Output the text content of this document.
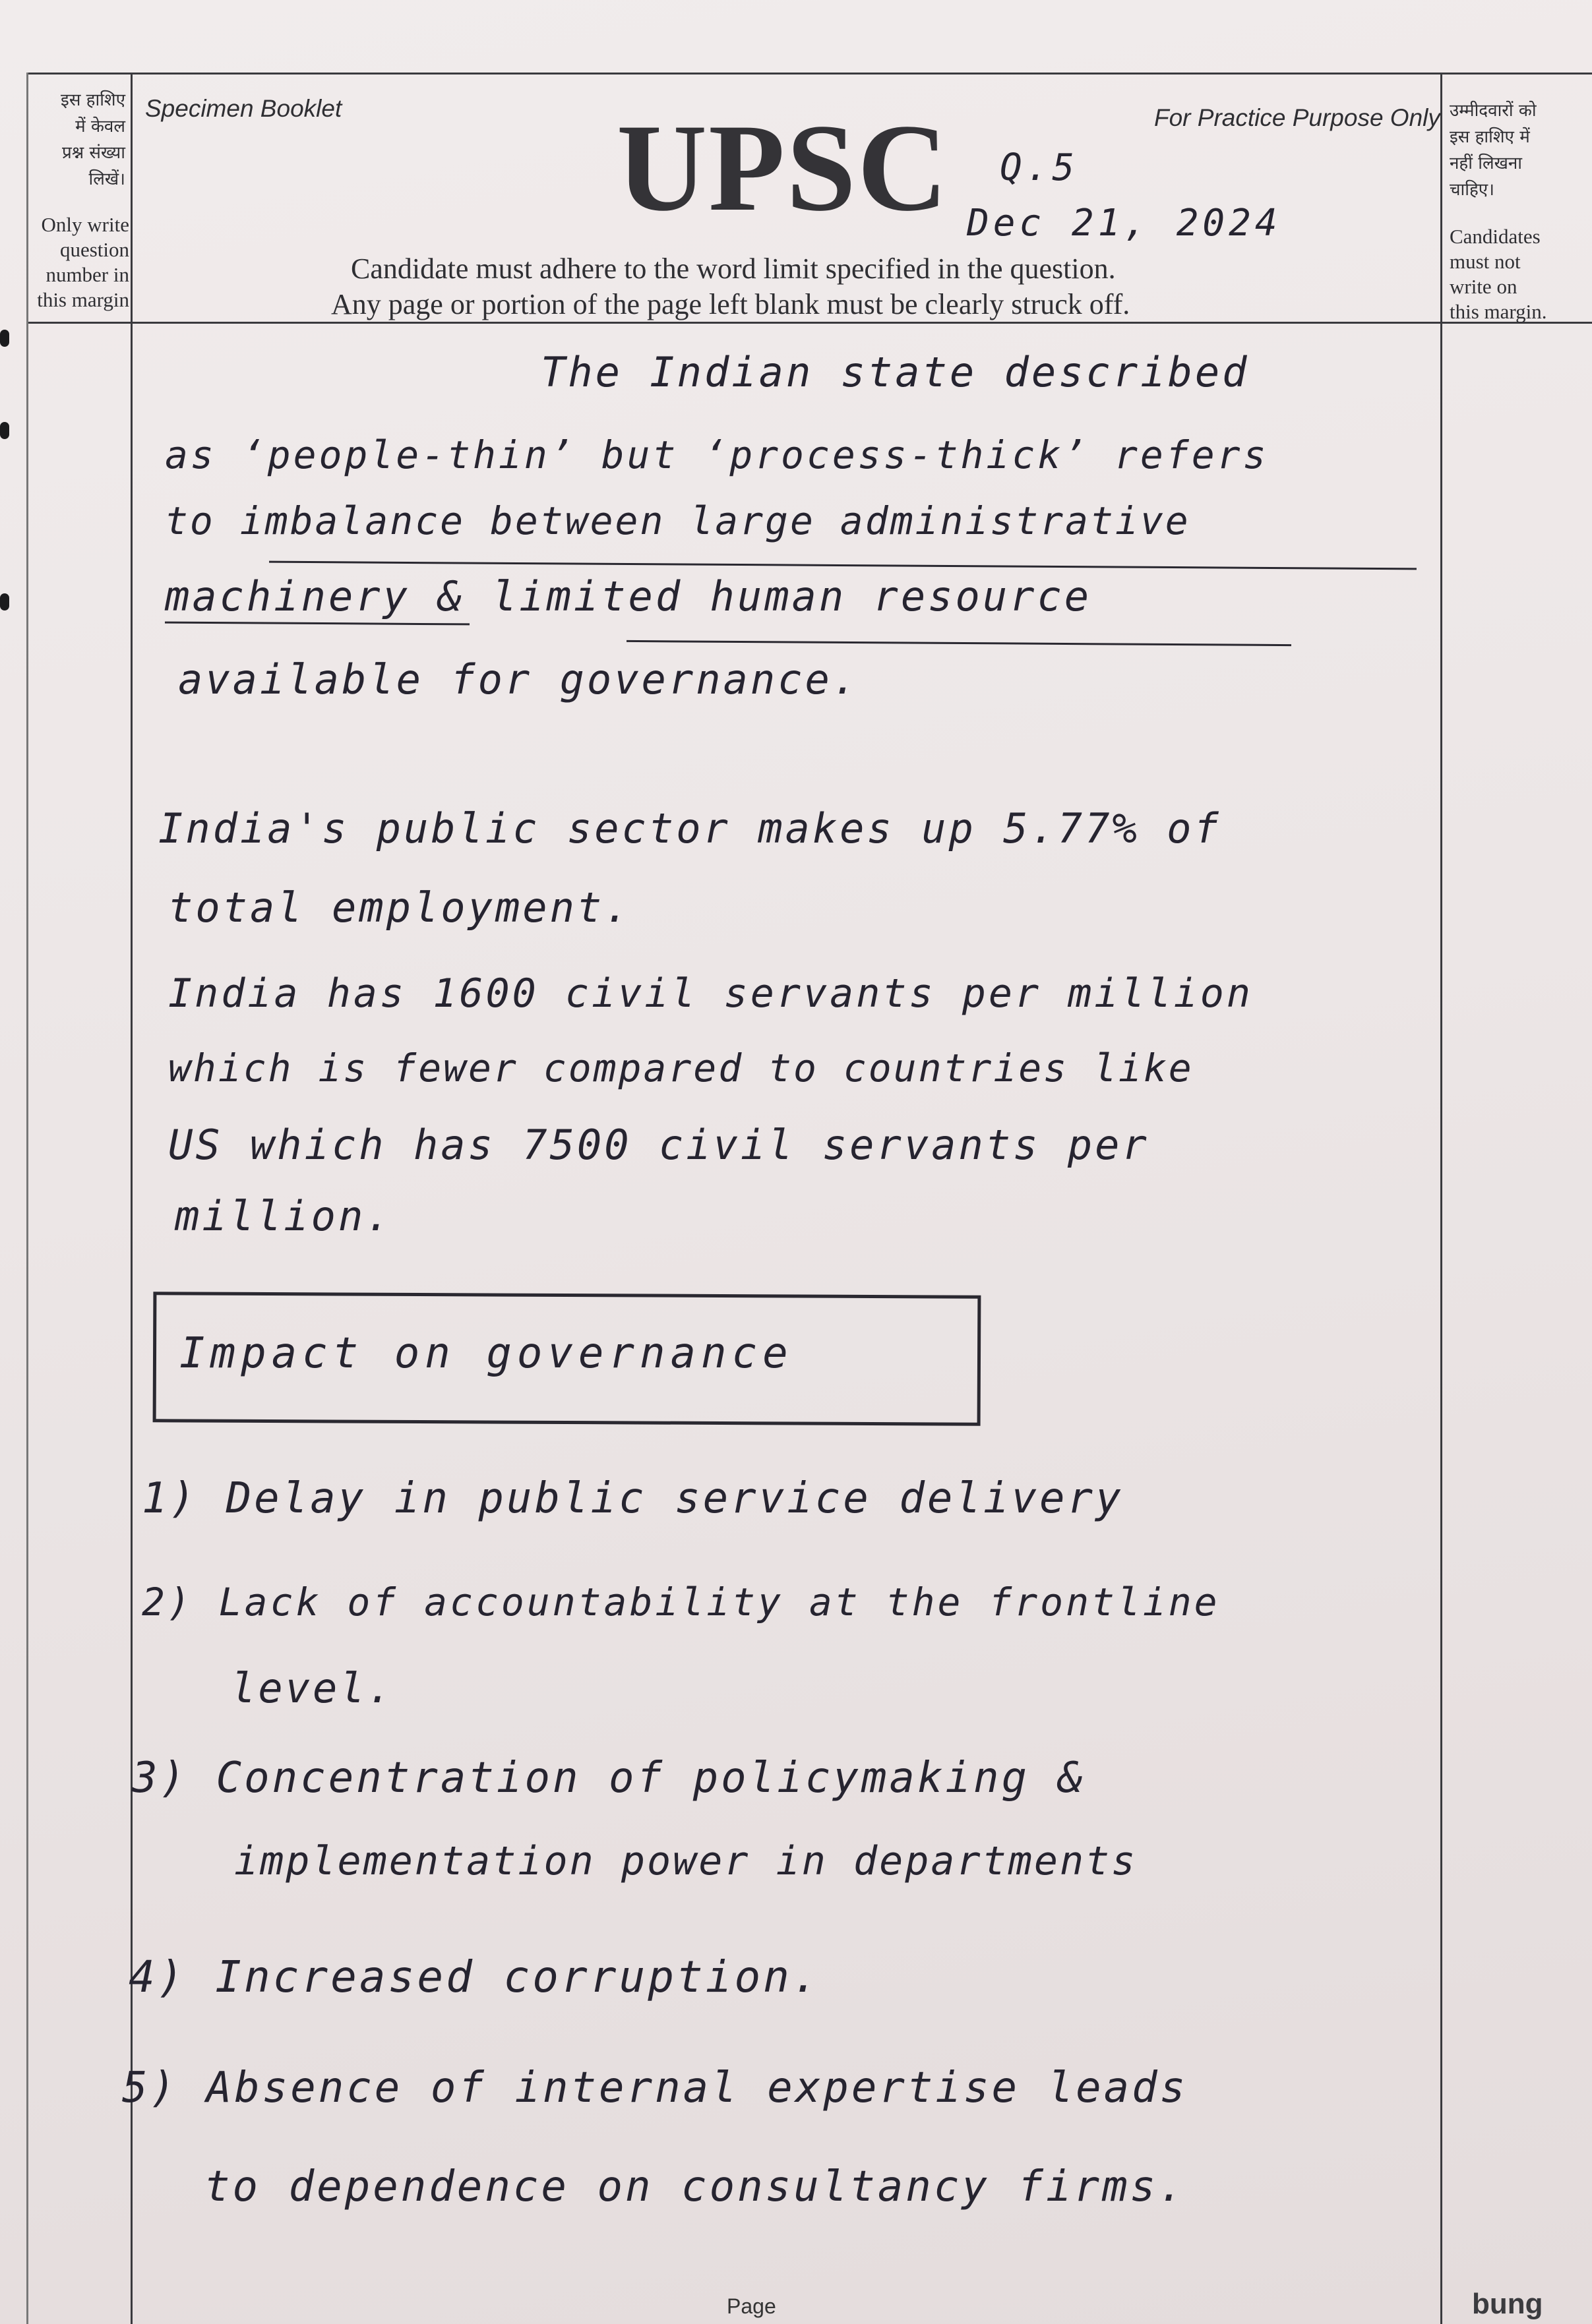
इस हाशिए
में केवल
प्रश्न संख्या
लिखें।
Only write
question
number in
this margin
Specimen Booklet	For Practice Purpose Only
UPSC
Candidate must adhere to the word limit specified in the question.
Any page or portion of the page left blank must be clearly struck off.
Q.5
Dec 21, 2024
उम्मीदवारों को
इस हाशिए में
नहीं लिखना
चाहिए।
Candidates
must not
write on
this margin.
The Indian state described
as ‘people-thin’ but ‘process-thick’ refers
to imbalance between large administrative
machinery & limited human resource
available for governance.
India's public sector makes up 5.77% of
total employment.
India has 1600 civil servants per million
which is fewer compared to countries like
US which has 7500 civil servants per
million.
Impact on governance
1) Delay in public service delivery
2) Lack of accountability at the frontline
level.
3) Concentration of policymaking &
implementation power in departments
4) Increased corruption.
5) Absence of internal expertise leads
to dependence on consultancy firms.
Page	bung
